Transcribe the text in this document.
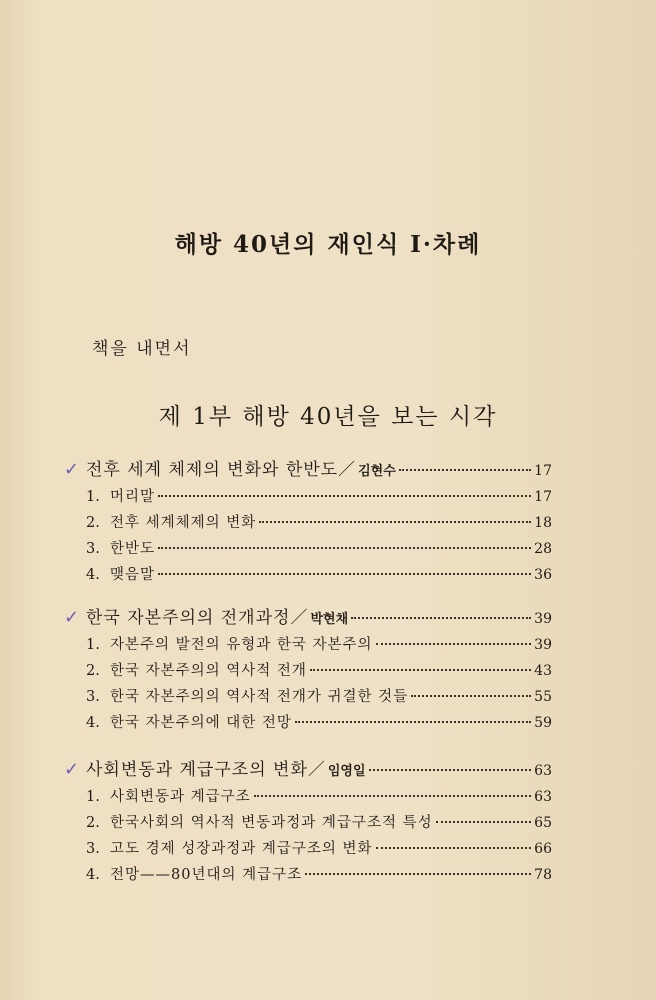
해방 40년의 재인식 Ⅰ·차례
책을 내면서
제 1부 해방 40년을 보는 시각
✓ 전후 세계 체제의 변화와 한반도 ／ 김현수	17
1. 머리말	17
2. 전후 세계체제의 변화	18
3. 한반도	28
4. 맺음말	36
✓ 한국 자본주의의 전개과정 ／ 박현채	39
1. 자본주의 발전의 유형과 한국 자본주의	39
2. 한국 자본주의의 역사적 전개	43
3. 한국 자본주의의 역사적 전개가 귀결한 것들	55
4. 한국 자본주의에 대한 전망	59
✓ 사회변동과 계급구조의 변화 ／ 임영일	63
1. 사회변동과 계급구조	63
2. 한국사회의 역사적 변동과정과 계급구조적 특성	65
3. 고도 경제 성장과정과 계급구조의 변화	66
4. 전망——80년대의 계급구조	78
